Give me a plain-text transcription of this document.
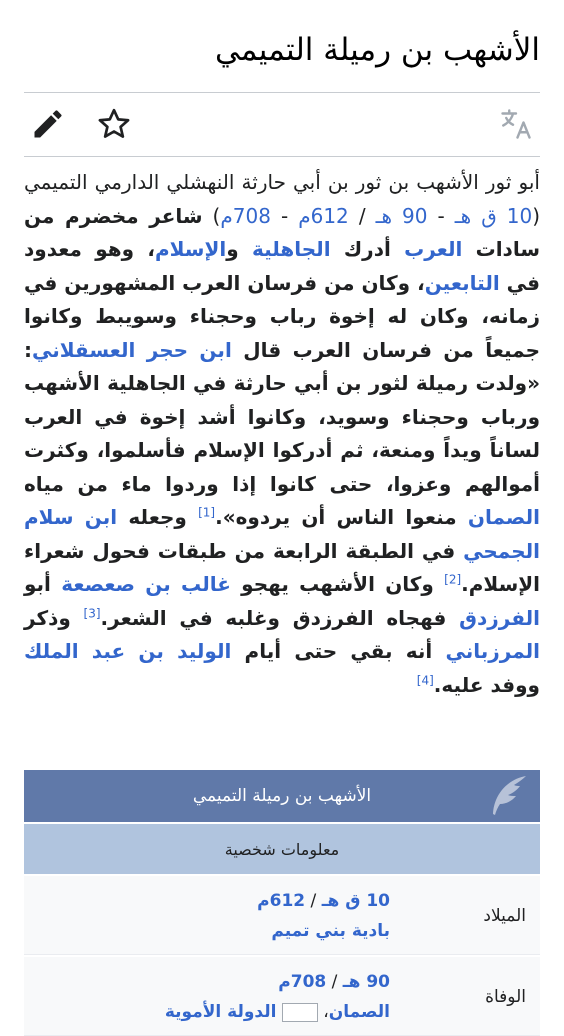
الأشهب بن رميلة التميمي

أبو ثور الأشهب بن ثور بن أبي حارثة النهشلي الدارمي التميمي (10 ق هـ - 90 هـ / 612م - 708م) شاعر مخضرم من سادات العرب أدرك الجاهلية والإسلام، وهو معدود في التابعين، وكان من فرسان العرب المشهورين في زمانه، وكان له إخوة رباب وحجناء وسويبط وكانوا جميعاً من فرسان العرب قال ابن حجر العسقلاني: «ولدت رميلة لثور بن أبي حارثة في الجاهلية الأشهب ورباب وحجناء وسويد، وكانوا أشد إخوة في العرب لساناً ويداً ومنعة، ثم أدركوا الإسلام فأسلموا، وكثرت أموالهم وعزوا، حتى كانوا إذا وردوا ماء من مياه الصمان منعوا الناس أن يردوه».[1] وجعله ابن سلام الجمحي في الطبقة الرابعة من طبقات فحول شعراء الإسلام.[2] وكان الأشهب يهجو غالب بن صعصعة أبو الفرزدق فهجاه الفرزدق وغلبه في الشعر.[3] وذكر المرزباني أنه بقي حتى أيام الوليد بن عبد الملك ووفد عليه.[4]

الأشهب بن رميلة التميمي
معلومات شخصية
الميلاد
10 ق هـ / 612م
بادية بني تميم
الوفاة
90 هـ / 708م
الصمان،  الدولة الأموية
